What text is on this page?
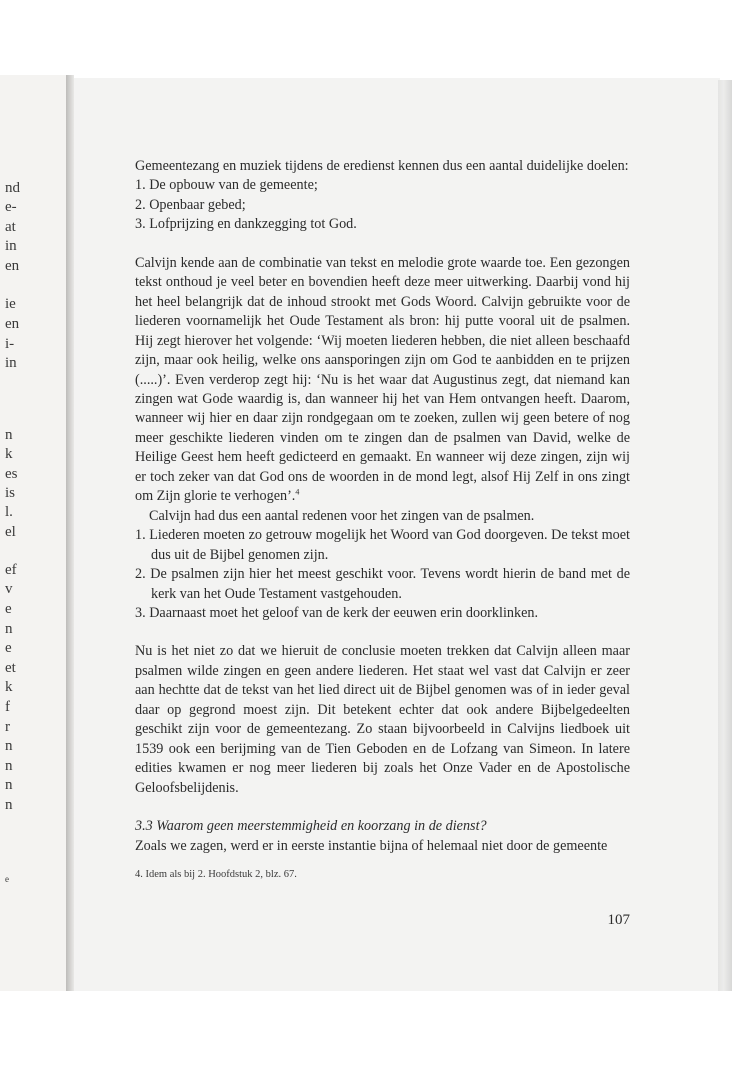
nd
e-
at
in
en
ie
en
i-
in
n
k
es
is
l.
el
ef
v
e
n
e
et
k
f
r
n
n
n
n
e

Gemeentezang en muziek tijdens de eredienst kennen dus een aantal duidelijke doelen:

1. De opbouw van de gemeente;

2. Openbaar gebed;

3. Lofprijzing en dankzegging tot God.

Calvijn kende aan de combinatie van tekst en melodie grote waarde toe. Een gezongen tekst onthoud je veel beter en bovendien heeft deze meer uitwerking. Daarbij vond hij het heel belangrijk dat de inhoud strookt met Gods Woord. Calvijn gebruikte voor de liederen voornamelijk het Oude Testament als bron: hij putte vooral uit de psalmen. Hij zegt hierover het volgende: ‘Wij moeten liederen hebben, die niet alleen beschaafd zijn, maar ook heilig, welke ons aansporingen zijn om God te aanbidden en te prijzen (.....)’. Even verderop zegt hij: ‘Nu is het waar dat Augustinus zegt, dat niemand kan zingen wat Gode waardig is, dan wanneer hij het van Hem ontvangen heeft. Daarom, wanneer wij hier en daar zijn rondgegaan om te zoeken, zullen wij geen betere of nog meer geschikte liederen vinden om te zingen dan de psalmen van David, welke de Heilige Geest hem heeft gedicteerd en gemaakt. En wanneer wij deze zingen, zijn wij er toch zeker van dat God ons de woorden in de mond legt, alsof Hij Zelf in ons zingt om Zijn glorie te verhogen’.$^4$

Calvijn had dus een aantal redenen voor het zingen van de psalmen.

1. Liederen moeten zo getrouw mogelijk het Woord van God doorgeven. De tekst moet dus uit de Bijbel genomen zijn.

2. De psalmen zijn hier het meest geschikt voor. Tevens wordt hierin de band met de kerk van het Oude Testament vastgehouden.

3. Daarnaast moet het geloof van de kerk der eeuwen erin doorklinken.

Nu is het niet zo dat we hieruit de conclusie moeten trekken dat Calvijn alleen maar psalmen wilde zingen en geen andere liederen. Het staat wel vast dat Calvijn er zeer aan hechtte dat de tekst van het lied direct uit de Bijbel genomen was of in ieder geval daar op gegrond moest zijn. Dit betekent echter dat ook andere Bijbelgedeelten geschikt zijn voor de gemeentezang. Zo staan bijvoorbeeld in Calvijns liedboek uit 1539 ook een berijming van de Tien Geboden en de Lofzang van Simeon. In latere edities kwamen er nog meer liederen bij zoals het Onze Vader en de Apostolische Geloofsbelijdenis.

3.3 Waarom geen meerstemmigheid en koorzang in de dienst?

Zoals we zagen, werd er in eerste instantie bijna of helemaal niet door de gemeente

4. Idem als bij 2. Hoofdstuk 2, blz. 67.
107
